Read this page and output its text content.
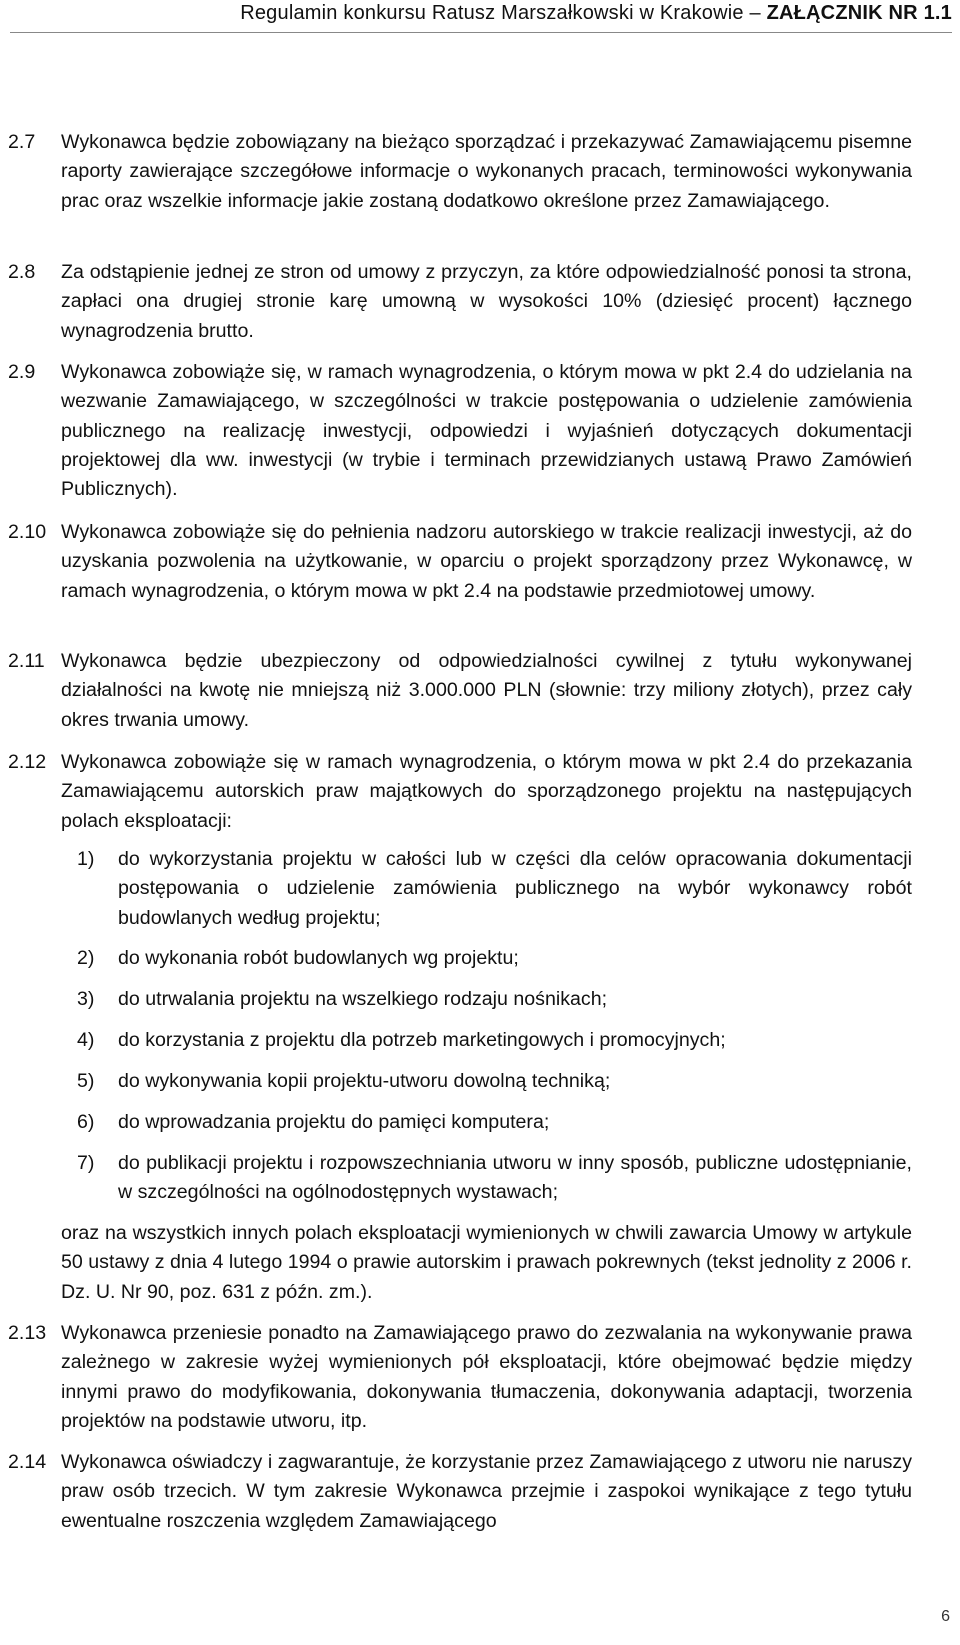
Regulamin konkursu Ratusz Marszałkowski w Krakowie – ZAŁĄCZNIK NR 1.1
2.7 Wykonawca będzie zobowiązany na bieżąco sporządzać i przekazywać Zamawiającemu pisemne raporty zawierające szczegółowe informacje o wykonanych pracach, terminowości wykonywania prac oraz wszelkie informacje jakie zostaną dodatkowo określone przez Zamawiającego.
2.8 Za odstąpienie jednej ze stron od umowy z przyczyn, za które odpowiedzialność ponosi ta strona, zapłaci ona drugiej stronie karę umowną w wysokości 10% (dziesięć procent) łącznego wynagrodzenia brutto.
2.9 Wykonawca zobowiąże się, w ramach wynagrodzenia, o którym mowa w pkt 2.4 do udzielania na wezwanie Zamawiającego, w szczególności w trakcie postępowania o udzielenie zamówienia publicznego na realizację inwestycji, odpowiedzi i wyjaśnień dotyczących dokumentacji projektowej dla ww. inwestycji (w trybie i terminach przewidzianych ustawą Prawo Zamówień Publicznych).
2.10 Wykonawca zobowiąże się do pełnienia nadzoru autorskiego w trakcie realizacji inwestycji, aż do uzyskania pozwolenia na użytkowanie, w oparciu o projekt sporządzony przez Wykonawcę, w ramach wynagrodzenia, o którym mowa w pkt 2.4 na podstawie przedmiotowej umowy.
2.11 Wykonawca będzie ubezpieczony od odpowiedzialności cywilnej z tytułu wykonywanej działalności na kwotę nie mniejszą niż 3.000.000 PLN (słownie: trzy miliony złotych), przez cały okres trwania umowy.
2.12 Wykonawca zobowiąże się w ramach wynagrodzenia, o którym mowa w pkt 2.4 do przekazania Zamawiającemu autorskich praw majątkowych do sporządzonego projektu na następujących polach eksploatacji:
1) do wykorzystania projektu w całości lub w części dla celów opracowania dokumentacji postępowania o udzielenie zamówienia publicznego na wybór wykonawcy robót budowlanych według projektu;
2) do wykonania robót budowlanych wg projektu;
3) do utrwalania projektu na wszelkiego rodzaju nośnikach;
4) do korzystania z projektu dla potrzeb marketingowych i promocyjnych;
5) do wykonywania kopii projektu-utworu dowolną techniką;
6) do wprowadzania projektu do pamięci komputera;
7) do publikacji projektu i rozpowszechniania utworu w inny sposób, publiczne udostępnianie, w szczególności na ogólnodostępnych wystawach;
oraz na wszystkich innych polach eksploatacji wymienionych w chwili zawarcia Umowy w artykule 50 ustawy z dnia 4 lutego 1994 o prawie autorskim i prawach pokrewnych (tekst jednolity z 2006 r. Dz. U. Nr 90, poz. 631 z późn. zm.).
2.13 Wykonawca przeniesie ponadto na Zamawiającego prawo do zezwalania na wykonywanie prawa zależnego w zakresie wyżej wymienionych pół eksploatacji, które obejmować będzie między innymi prawo do modyfikowania, dokonywania tłumaczenia, dokonywania adaptacji, tworzenia projektów na podstawie utworu, itp.
2.14 Wykonawca oświadczy i zagwarantuje, że korzystanie przez Zamawiającego z utworu nie naruszy praw osób trzecich. W tym zakresie Wykonawca przejmie i zaspokoi wynikające z tego tytułu ewentualne roszczenia względem Zamawiającego
6
